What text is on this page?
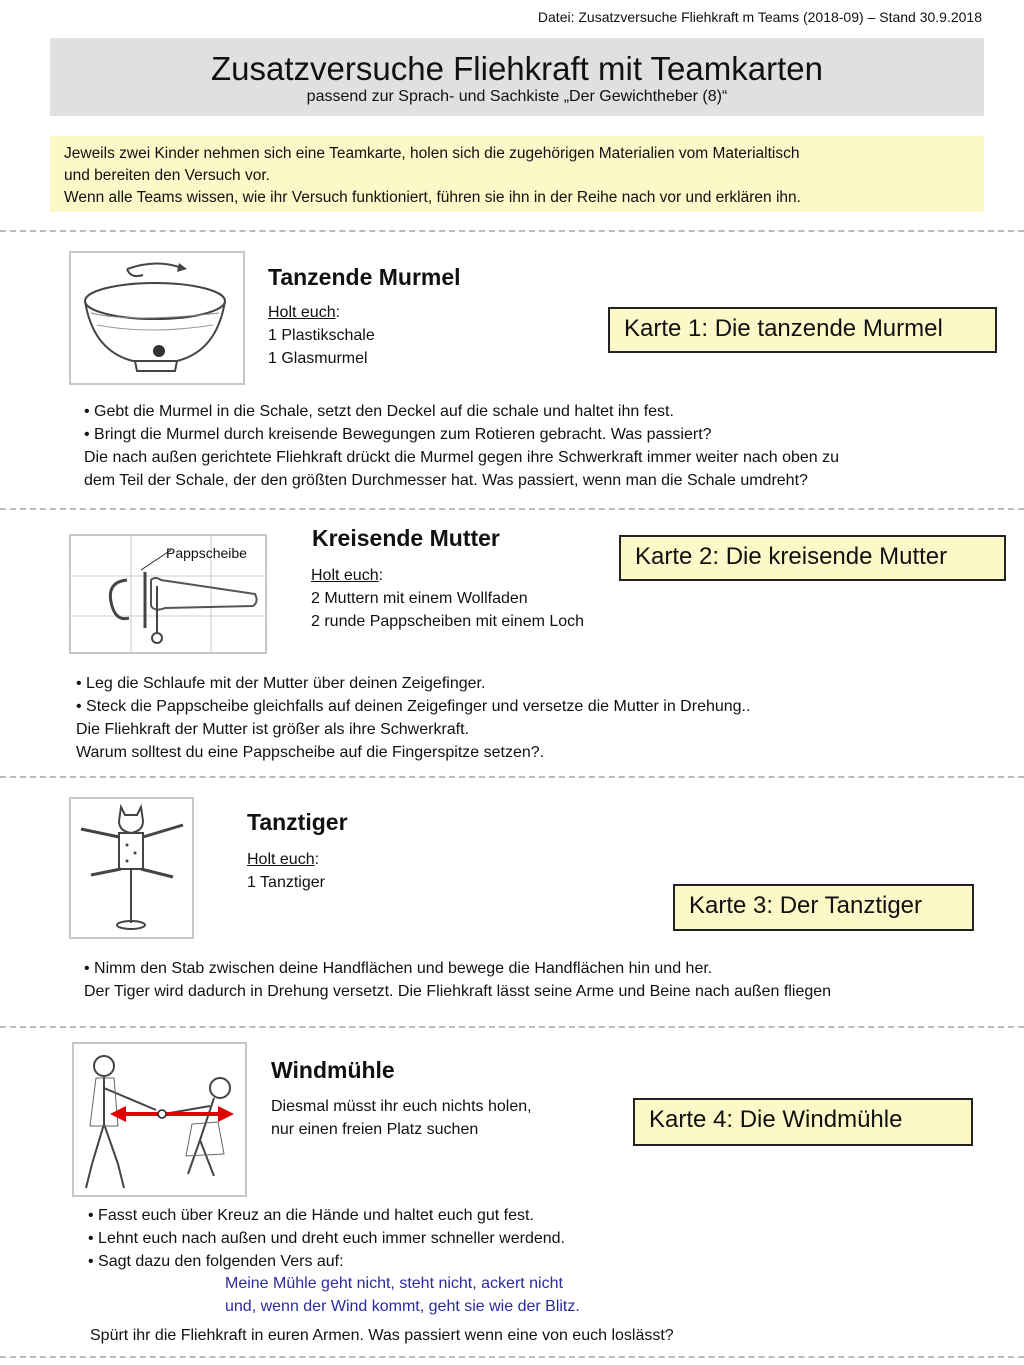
Datei: Zusatzversuche Fliehkraft m Teams (2018-09) – Stand 30.9.2018
Zusatzversuche Fliehkraft mit Teamkarten
passend zur Sprach- und Sachkiste „Der Gewichtheber (8)“
Jeweils zwei Kinder nehmen sich eine Teamkarte, holen sich die zugehörigen Materialien vom Materialtisch
und bereiten den Versuch vor.
Wenn alle Teams wissen, wie ihr Versuch funktioniert, führen sie ihn in der Reihe nach vor und erklären ihn.
Tanzende Murmel
Holt euch:
1 Plastikschale
1 Glasmurmel
Karte 1: Die tanzende Murmel
• Gebt die Murmel in die Schale, setzt den Deckel auf die schale und haltet ihn fest.
• Bringt die Murmel durch kreisende Bewegungen zum Rotieren gebracht. Was passiert?
Die nach außen gerichtete Fliehkraft drückt die Murmel gegen ihre Schwerkraft immer weiter nach oben zu
dem Teil der Schale, der den größten Durchmesser hat. Was passiert, wenn man die Schale umdreht?
Pappscheibe
Kreisende Mutter
Holt euch:
2 Muttern mit einem Wollfaden
2 runde Pappscheiben mit einem Loch
Karte 2: Die kreisende Mutter
• Leg die Schlaufe mit der Mutter über deinen Zeigefinger.
• Steck die Pappscheibe gleichfalls auf deinen Zeigefinger und versetze die Mutter in Drehung..
Die Fliehkraft der Mutter ist größer als ihre Schwerkraft.
Warum solltest du eine Pappscheibe auf die Fingerspitze setzen?.
Tanztiger
Holt euch:
1 Tanztiger
Karte 3: Der Tanztiger
• Nimm den Stab zwischen deine Handflächen und bewege die Handflächen hin und her.
Der Tiger wird dadurch in Drehung versetzt. Die Fliehkraft lässt seine Arme und Beine nach außen fliegen
Windmühle
Diesmal müsst ihr euch nichts holen,
nur einen freien Platz suchen	Karte 4: Die Windmühle
• Fasst euch über Kreuz an die Hände und haltet euch gut fest.
• Lehnt euch nach außen und dreht euch immer schneller werdend.
• Sagt dazu den folgenden Vers auf:
Meine Mühle geht nicht, steht nicht, ackert nicht
und, wenn der Wind kommt, geht sie wie der Blitz.
Spürt ihr die Fliehkraft in euren Armen. Was passiert wenn eine von euch loslässt?
